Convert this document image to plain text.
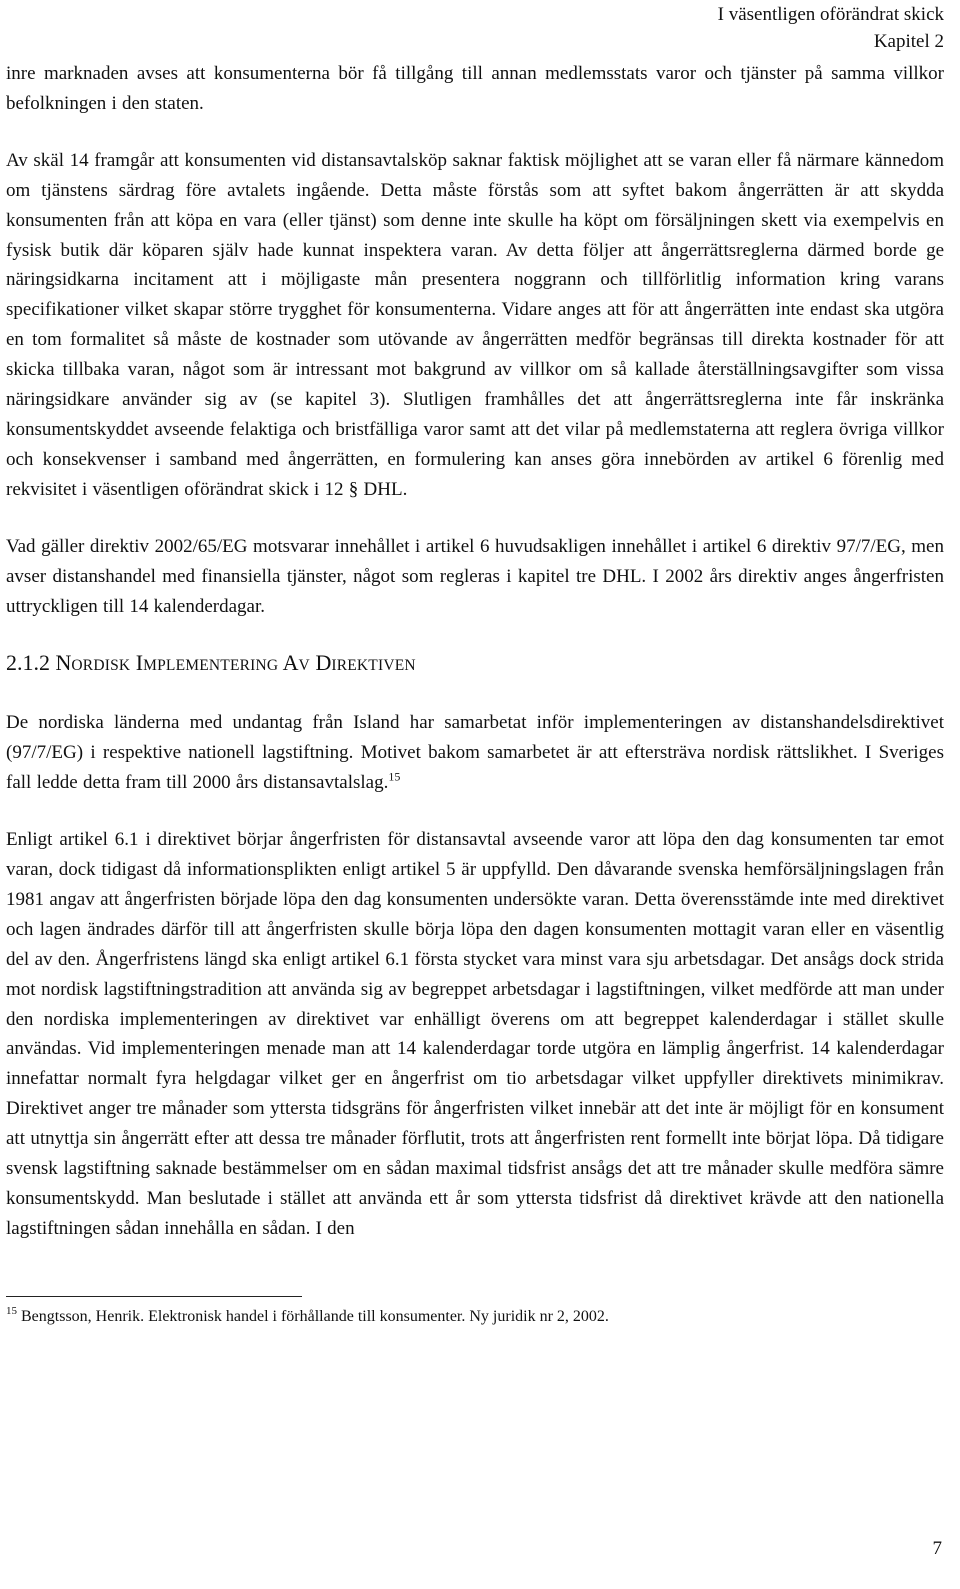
I väsentligen oförändrat skick
Kapitel 2

inre marknaden avses att konsumenterna bör få tillgång till annan medlemsstats varor och tjänster på samma villkor befolkningen i den staten.

Av skäl 14 framgår att konsumenten vid distansavtalsköp saknar faktisk möjlighet att se varan eller få närmare kännedom om tjänstens särdrag före avtalets ingående. Detta måste förstås som att syftet bakom ångerrätten är att skydda konsumenten från att köpa en vara (eller tjänst) som denne inte skulle ha köpt om försäljningen skett via exempelvis en fysisk butik där köparen själv hade kunnat inspektera varan. Av detta följer att ångerrättsreglerna därmed borde ge näringsidkarna incitament att i möjligaste mån presentera noggrann och tillförlitlig information kring varans specifikationer vilket skapar större trygghet för konsumenterna. Vidare anges att för att ångerrätten inte endast ska utgöra en tom formalitet så måste de kostnader som utövande av ångerrätten medför begränsas till direkta kostnader för att skicka tillbaka varan, något som är intressant mot bakgrund av villkor om så kallade återställningsavgifter som vissa näringsidkare använder sig av (se kapitel 3). Slutligen framhålles det att ångerrättsreglerna inte får inskränka konsumentskyddet avseende felaktiga och bristfälliga varor samt att det vilar på medlemstaterna att reglera övriga villkor och konsekvenser i samband med ångerrätten, en formulering kan anses göra innebörden av artikel 6 förenlig med rekvisitet i väsentligen oförändrat skick i 12 § DHL.

Vad gäller direktiv 2002/65/EG motsvarar innehållet i artikel 6 huvudsakligen innehållet i artikel 6 direktiv 97/7/EG, men avser distanshandel med finansiella tjänster, något som regleras i kapitel tre DHL. I 2002 års direktiv anges ångerfristen uttryckligen till 14 kalenderdagar.

2.1.2 NORDISK IMPLEMENTERING AV DIREKTIVEN

De nordiska länderna med undantag från Island har samarbetat inför implementeringen av distanshandelsdirektivet (97/7/EG) i respektive nationell lagstiftning. Motivet bakom samarbetet är att eftersträva nordisk rättslikhet. I Sveriges fall ledde detta fram till 2000 års distansavtalslag.$^{15}$

Enligt artikel 6.1 i direktivet börjar ångerfristen för distansavtal avseende varor att löpa den dag konsumenten tar emot varan, dock tidigast då informationsplikten enligt artikel 5 är uppfylld. Den dåvarande svenska hemförsäljningslagen från 1981 angav att ångerfristen började löpa den dag konsumenten undersökte varan. Detta överensstämde inte med direktivet och lagen ändrades därför till att ångerfristen skulle börja löpa den dagen konsumenten mottagit varan eller en väsentlig del av den. Ångerfristens längd ska enligt artikel 6.1 första stycket vara minst vara sju arbetsdagar. Det ansågs dock strida mot nordisk lagstiftningstradition att använda sig av begreppet arbetsdagar i lagstiftningen, vilket medförde att man under den nordiska implementeringen av direktivet var enhälligt överens om att begreppet kalenderdagar i stället skulle användas. Vid implementeringen menade man att 14 kalenderdagar torde utgöra en lämplig ångerfrist. 14 kalenderdagar innefattar normalt fyra helgdagar vilket ger en ångerfrist om tio arbetsdagar vilket uppfyller direktivets minimikrav. Direktivet anger tre månader som yttersta tidsgräns för ångerfristen vilket innebär att det inte är möjligt för en konsument att utnyttja sin ångerrätt efter att dessa tre månader förflutit, trots att ångerfristen rent formellt inte börjat löpa. Då tidigare svensk lagstiftning saknade bestämmelser om en sådan maximal tidsfrist ansågs det att tre månader skulle medföra sämre konsumentskydd. Man beslutade i stället att använda ett år som yttersta tidsfrist då direktivet krävde att den nationella lagstiftningen sådan innehålla en sådan. I den

$^{15}$ Bengtsson, Henrik. Elektronisk handel i förhållande till konsumenter. Ny juridik nr 2, 2002.
7
